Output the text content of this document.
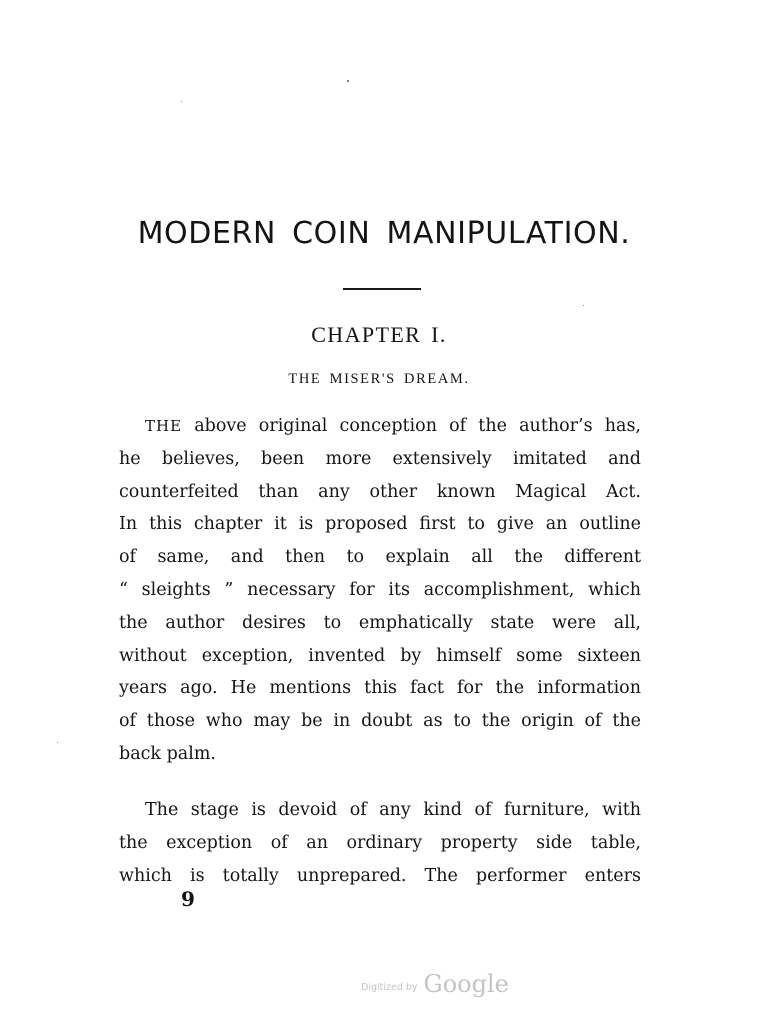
MODERN COIN MANIPULATION.
CHAPTER I.
THE MISER'S DREAM.
THE above original conception of the author’s has,
he believes, been more extensively imitated and
counterfeited than any other known Magical Act.
In this chapter it is proposed first to give an outline
of same, and then to explain all the different
“ sleights ” necessary for its accomplishment, which
the author desires to emphatically state were all,
without exception, invented by himself some sixteen
years ago. He mentions this fact for the information
of those who may be in doubt as to the origin of the
back palm.
The stage is devoid of any kind of furniture, with
the exception of an ordinary property side table,
which is totally unprepared. The performer enters
9
Digitized by Google
